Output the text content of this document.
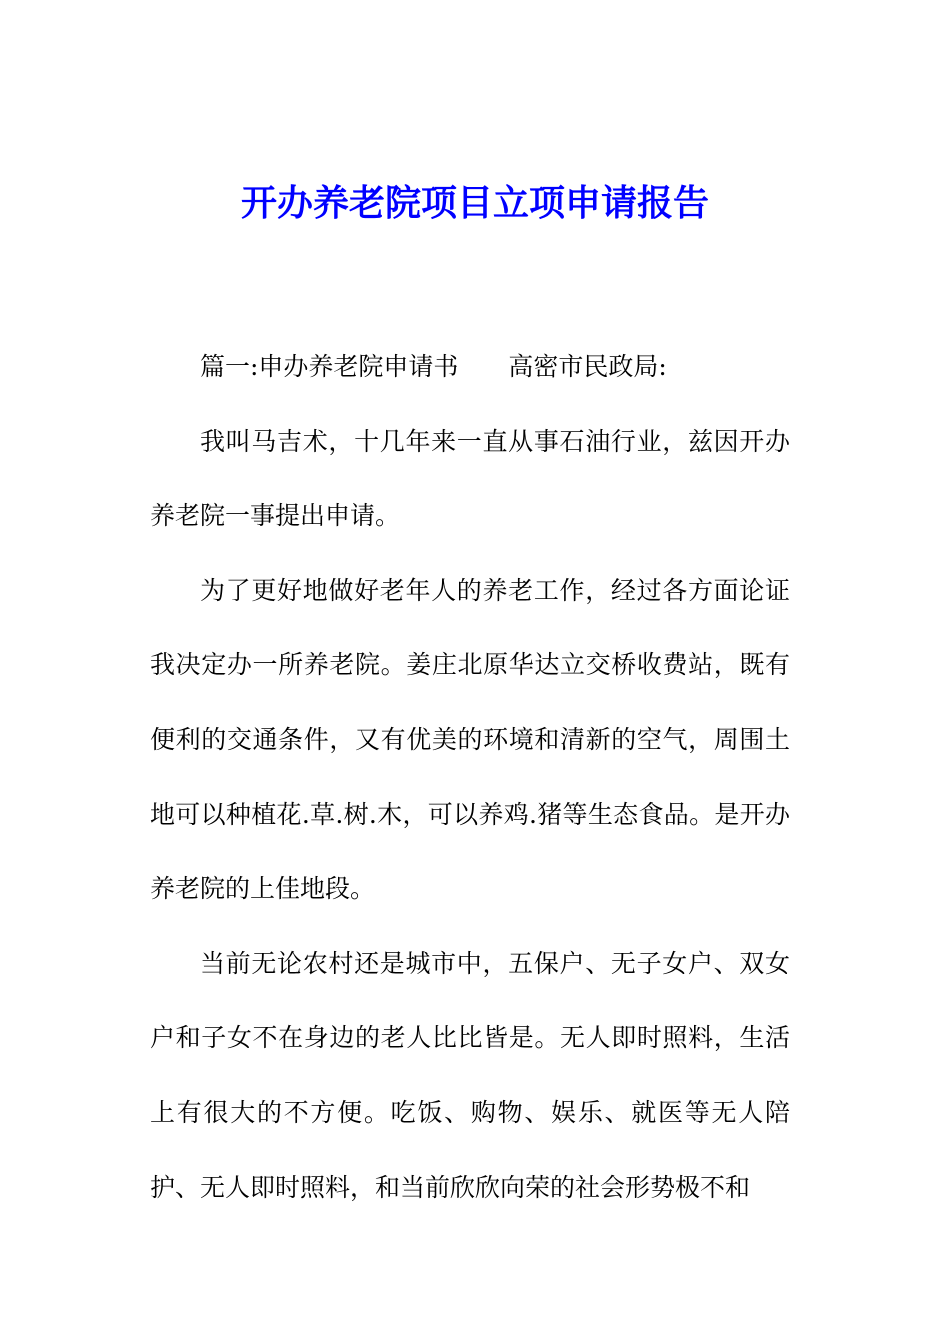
开办养老院项目立项申请报告

篇一:申办养老院申请书　　高密市民政局:

我叫马吉术，十几年来一直从事石油行业，兹因开办养老院一事提出申请。

为了更好地做好老年人的养老工作，经过各方面论证我决定办一所养老院。姜庄北原华达立交桥收费站，既有便利的交通条件，又有优美的环境和清新的空气，周围土地可以种植花.草.树.木，可以养鸡.猪等生态食品。是开办养老院的上佳地段。

当前无论农村还是城市中，五保户、无子女户、双女户和子女不在身边的老人比比皆是。无人即时照料，生活上有很大的不方便。吃饭、购物、娱乐、就医等无人陪护、无人即时照料，和当前欣欣向荣的社会形势极不和
